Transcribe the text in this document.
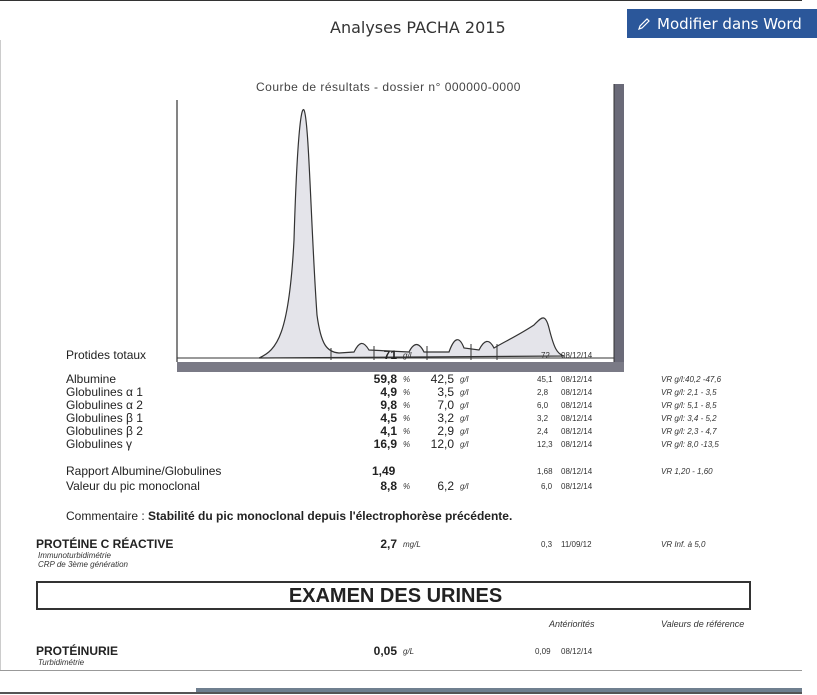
Analyses PACHA 2015	Modifier dans Word
Courbe de résultats - dossier n° 000000-0000
Protides totaux	71 g/l	72 08/12/14
Albumine	59,8 %	42,5 g/l	45,1 08/12/14	VR g/l:40,2 -47,6
Globulines α 1	4,9 %	3,5 g/l	2,8 08/12/14	VR g/l: 2,1 - 3,5
Globulines α 2	9,8 %	7,0 g/l	6,0 08/12/14	VR g/l: 5,1 - 8,5
Globulines β 1	4,5 %	3,2 g/l	3,2 08/12/14	VR g/l: 3,4 - 5,2
Globulines β 2	4,1 %	2,9 g/l	2,4 08/12/14	VR g/l: 2,3 - 4,7
Globulines γ	16,9 %	12,0 g/l	12,3 08/12/14	VR g/l: 8,0 -13,5
Rapport Albumine/Globulines	1,49	1,68 08/12/14	VR 1,20 - 1,60
Valeur du pic monoclonal	8,8 %	6,2 g/l	6,0 08/12/14
Commentaire : Stabilité du pic monoclonal depuis l'électrophorèse précédente.
PROTÉINE C RÉACTIVE
Immunoturbidimétrie
CRP de 3ème génération
2,7 mg/L	0,3 11/09/12	VR Inf. à 5,0
EXAMEN DES URINES
Antériorités	Valeurs de référence
PROTÉINURIE
Turbidimétrie
0,05 g/L	0,09 08/12/14
